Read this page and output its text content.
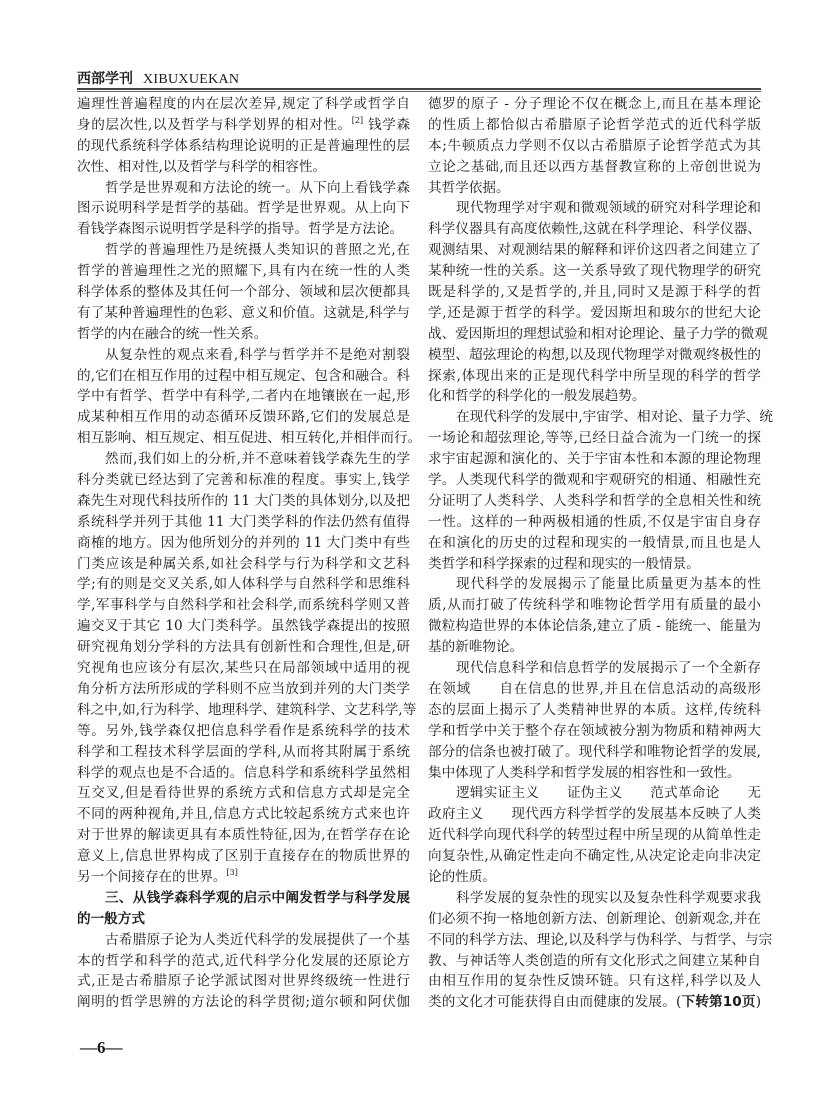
西部学刊 XIBUXUEKAN
遍理性普遍程度的内在层次差异,规定了科学或哲学自
身的层次性,以及哲学与科学划界的相对性。[2] 钱学森
的现代系统科学体系结构理论说明的正是普遍理性的层
次性、相对性,以及哲学与科学的相容性。
哲学是世界观和方法论的统一。从下向上看钱学森
图示说明科学是哲学的基础。哲学是世界观。从上向下
看钱学森图示说明哲学是科学的指导。哲学是方法论。
哲学的普遍理性乃是统摄人类知识的普照之光,在
哲学的普遍理性之光的照耀下,具有内在统一性的人类
科学体系的整体及其任何一个部分、领域和层次便都具
有了某种普遍理性的色彩、意义和价值。这就是,科学与
哲学的内在融合的统一性关系。
从复杂性的观点来看,科学与哲学并不是绝对割裂
的,它们在相互作用的过程中相互规定、包含和融合。科
学中有哲学、哲学中有科学,二者内在地镶嵌在一起,形
成某种相互作用的动态循环反馈环路,它们的发展总是
相互影响、相互规定、相互促进、相互转化,并相伴而行。
然而,我们如上的分析,并不意味着钱学森先生的学
科分类就已经达到了完善和标准的程度。事实上,钱学
森先生对现代科技所作的 11 大门类的具体划分,以及把
系统科学并列于其他 11 大门类学科的作法仍然有值得
商榷的地方。因为他所划分的并列的 11 大门类中有些
门类应该是种属关系,如社会科学与行为科学和文艺科
学;有的则是交叉关系,如人体科学与自然科学和思维科
学,军事科学与自然科学和社会科学,而系统科学则又普
遍交叉于其它 10 大门类科学。虽然钱学森提出的按照
研究视角划分学科的方法具有创新性和合理性,但是,研
究视角也应该分有层次,某些只在局部领域中适用的视
角分析方法所形成的学科则不应当放到并列的大门类学
科之中,如,行为科学、地理科学、建筑科学、文艺科学,等
等。另外,钱学森仅把信息科学看作是系统科学的技术
科学和工程技术科学层面的学科,从而将其附属于系统
科学的观点也是不合适的。信息科学和系统科学虽然相
互交叉,但是看待世界的系统方式和信息方式却是完全
不同的两种视角,并且,信息方式比较起系统方式来也许
对于世界的解读更具有本质性特征,因为,在哲学存在论
意义上,信息世界构成了区别于直接存在的物质世界的
另一个间接存在的世界。[3]
三、从钱学森科学观的启示中阐发哲学与科学发展
的一般方式
古希腊原子论为人类近代科学的发展提供了一个基
本的哲学和科学的范式,近代科学分化发展的还原论方
式,正是古希腊原子论学派试图对世界终级统一性进行
阐明的哲学思辨的方法论的科学贯彻;道尔顿和阿伏伽
德罗的原子 - 分子理论不仅在概念上,而且在基本理论
的性质上都恰似古希腊原子论哲学范式的近代科学版
本;牛顿质点力学则不仅以古希腊原子论哲学范式为其
立论之基础,而且还以西方基督教宣称的上帝创世说为
其哲学依据。
现代物理学对宇观和微观领域的研究对科学理论和
科学仪器具有高度依赖性,这就在科学理论、科学仪器、
观测结果、对观测结果的解释和评价这四者之间建立了
某种统一性的关系。这一关系导致了现代物理学的研究
既是科学的,又是哲学的,并且,同时又是源于科学的哲
学,还是源于哲学的科学。爱因斯坦和玻尔的世纪大论
战、爱因斯坦的理想试验和相对论理论、量子力学的微观
模型、超弦理论的构想,以及现代物理学对微观终极性的
探索,体现出来的正是现代科学中所呈现的科学的哲学
化和哲学的科学化的一般发展趋势。
在现代科学的发展中,宇宙学、相对论、量子力学、统
一场论和超弦理论,等等,已经日益合流为一门统一的探
求宇宙起源和演化的、关于宇宙本性和本源的理论物理
学。人类现代科学的微观和宇观研究的相通、相融性充
分证明了人类科学、人类科学和哲学的全息相关性和统
一性。这样的一种两极相通的性质,不仅是宇宙自身存
在和演化的历史的过程和现实的一般情景,而且也是人
类哲学和科学探索的过程和现实的一般情景。
现代科学的发展揭示了能量比质量更为基本的性
质,从而打破了传统科学和唯物论哲学用有质量的最小
微粒构造世界的本体论信条,建立了质 - 能统一、能量为
基的新唯物论。
现代信息科学和信息哲学的发展揭示了一个全新存
在领域　　自在信息的世界,并且在信息活动的高级形
态的层面上揭示了人类精神世界的本质。这样,传统科
学和哲学中关于整个存在领域被分割为物质和精神两大
部分的信条也被打破了。现代科学和唯物论哲学的发展,
集中体现了人类科学和哲学发展的相容性和一致性。
逻辑实证主义　　证伪主义　　范式革命论　　无
政府主义　　现代西方科学哲学的发展基本反映了人类
近代科学向现代科学的转型过程中所呈现的从简单性走
向复杂性,从确定性走向不确定性,从决定论走向非决定
论的性质。
科学发展的复杂性的现实以及复杂性科学观要求我
们必须不拘一格地创新方法、创新理论、创新观念,并在
不同的科学方法、理论,以及科学与伪科学、与哲学、与宗
教、与神话等人类创造的所有文化形式之间建立某种自
由相互作用的复杂性反馈环链。只有这样,科学以及人
类的文化才可能获得自由而健康的发展。(下转第10页)
—6—
